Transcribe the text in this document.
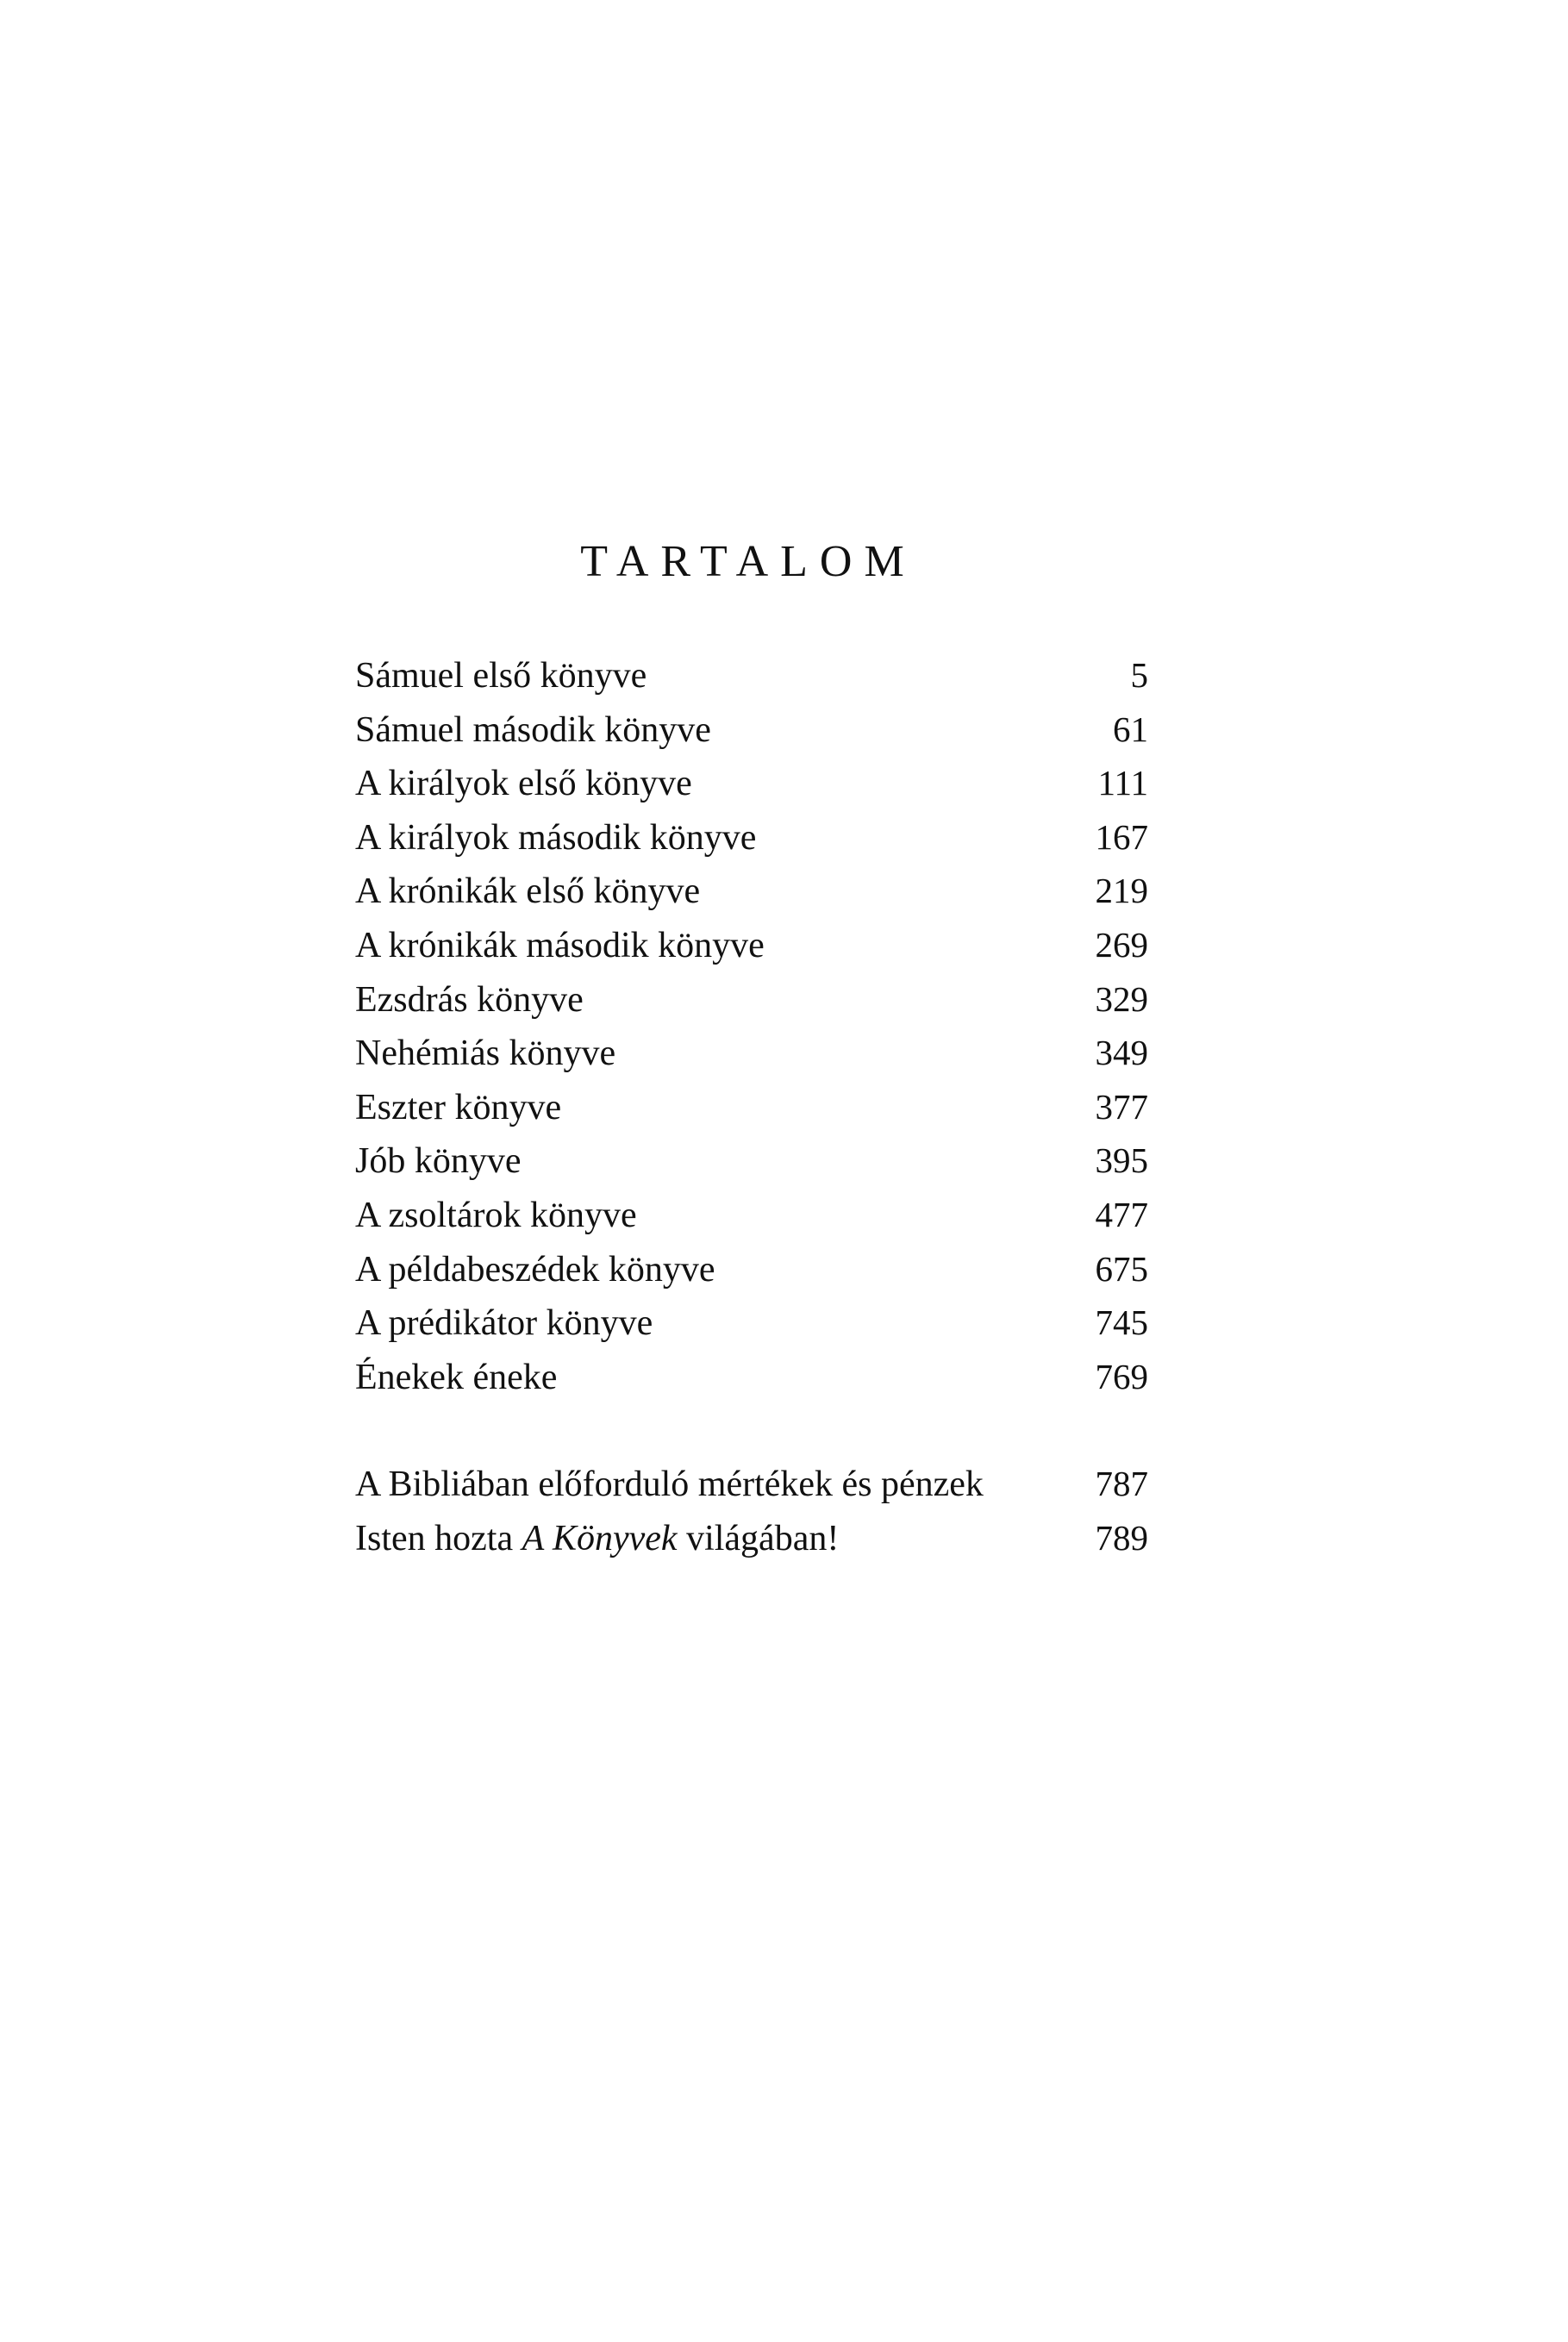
TARTALOM
Sámuel első könyve	5
Sámuel második könyve	61
A királyok első könyve	111
A királyok második könyve	167
A krónikák első könyve	219
A krónikák második könyve	269
Ezsdrás könyve	329
Nehémiás könyve	349
Eszter könyve	377
Jób könyve	395
A zsoltárok könyve	477
A példabeszédek könyve	675
A prédikátor könyve	745
Énekek éneke	769
A Bibliában előforduló mértékek és pénzek	787
Isten hozta A Könyvek világában!	789
